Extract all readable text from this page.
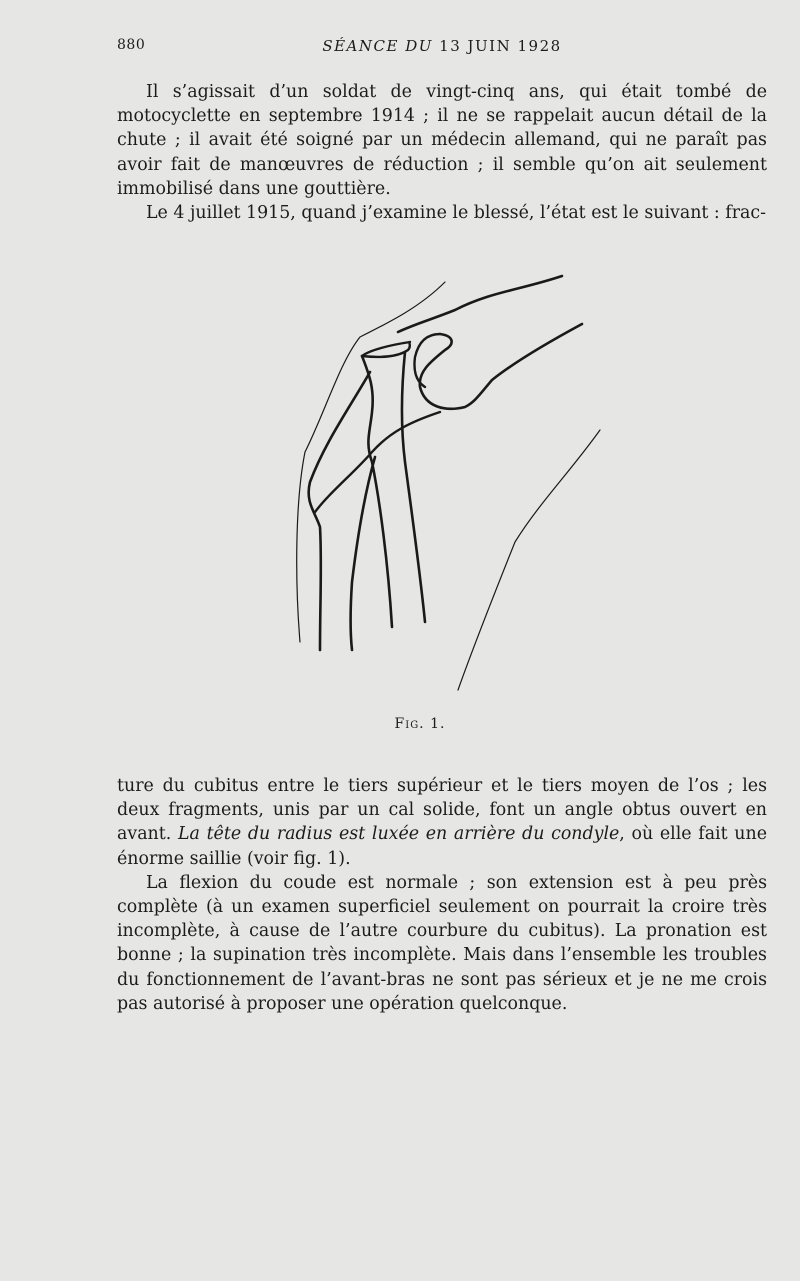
880	SÉANCE DU 13 JUIN 1928

Il s’agissait d’un soldat de vingt-cinq ans, qui était tombé de motocyclette en septembre 1914 ; il ne se rappelait aucun détail de la chute ; il avait été soigné par un médecin allemand, qui ne paraît pas avoir fait de manœuvres de réduction ; il semble qu’on ait seulement immobilisé dans une gouttière.

Le 4 juillet 1915, quand j’examine le blessé, l’état est le suivant : frac-

Fig. 1.

ture du cubitus entre le tiers supérieur et le tiers moyen de l’os ; les deux fragments, unis par un cal solide, font un angle obtus ouvert en avant. La tête du radius est luxée en arrière du condyle, où elle fait une énorme saillie (voir fig. 1).

La flexion du coude est normale ; son extension est à peu près complète (à un examen superficiel seulement on pourrait la croire très incomplète, à cause de l’autre courbure du cubitus). La pronation est bonne ; la supination très incomplète. Mais dans l’ensemble les troubles du fonctionnement de l’avant-bras ne sont pas sérieux et je ne me crois pas autorisé à proposer une opération quelconque.
